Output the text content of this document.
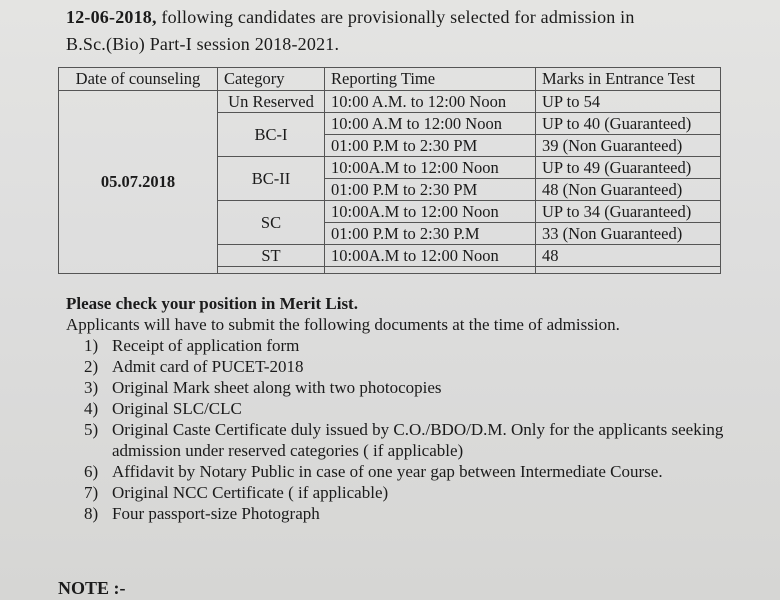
12-06-2018, following candidates are provisionally selected for admission in
B.Sc.(Bio) Part-I session 2018-2021.
Date of counseling	Category	Reporting Time	Marks in Entrance Test
05.07.2018	Un Reserved	10:00 A.M. to 12:00 Noon	UP to 54
	BC-I	10:00 A.M to 12:00 Noon	UP to 40 (Guaranteed)
		01:00 P.M to 2:30 PM	39 (Non Guaranteed)
	BC-II	10:00A.M to 12:00 Noon	UP to 49 (Guaranteed)
		01:00 P.M to 2:30 PM	48 (Non Guaranteed)
	SC	10:00A.M to 12:00 Noon	UP to 34 (Guaranteed)
		01:00 P.M to 2:30 P.M	33 (Non Guaranteed)
	ST	10:00A.M to 12:00 Noon	48

Please check your position in Merit List.
Applicants will have to submit the following documents at the time of admission.
1) Receipt of application form
2) Admit card of PUCET-2018
3) Original Mark sheet along with two photocopies
4) Original SLC/CLC
5) Original Caste Certificate duly issued by C.O./BDO/D.M. Only for the applicants seeking admission under reserved categories ( if applicable)
6) Affidavit by Notary Public in case of one year gap between Intermediate Course.
7) Original NCC Certificate ( if applicable)
8) Four passport-size Photograph
NOTE :-
